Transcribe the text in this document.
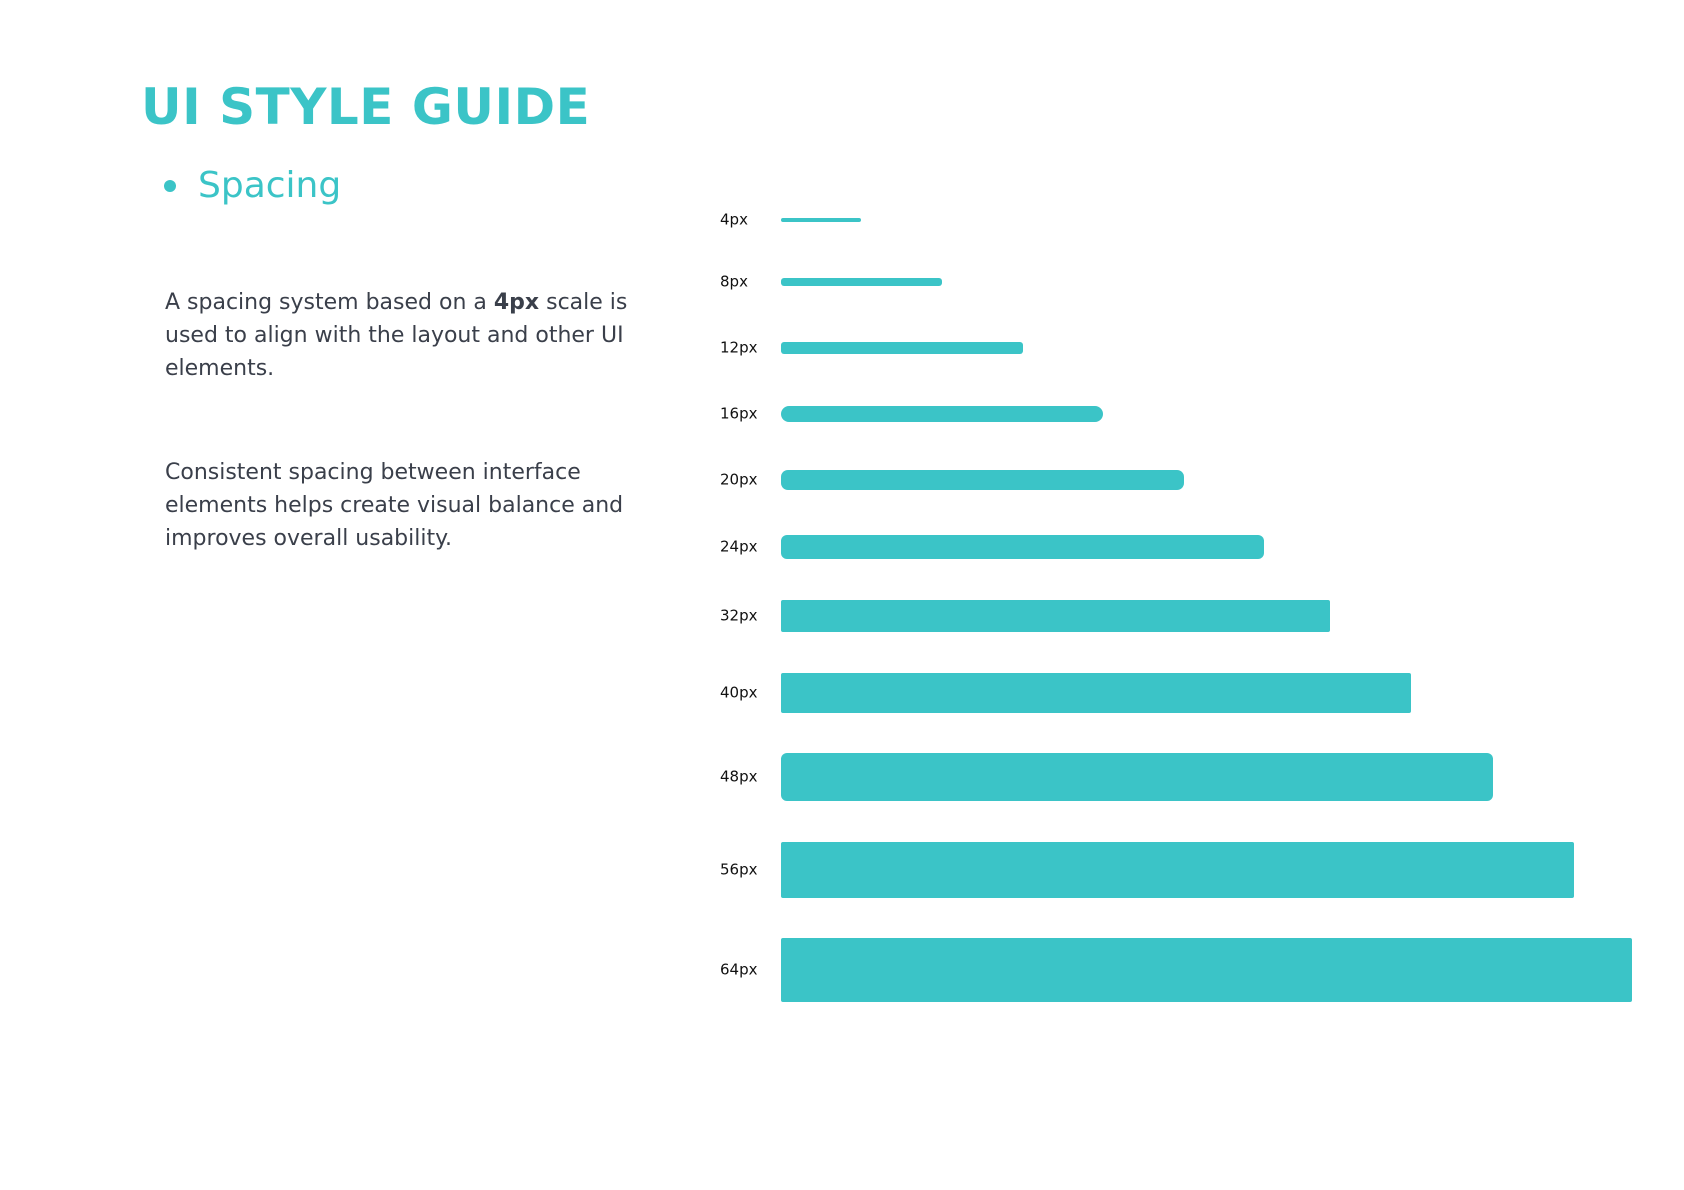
UI STYLE GUIDE
Spacing

A spacing system based on a 4px scale is used to align with the layout and other UI elements.

Consistent spacing between interface elements helps create visual balance and improves overall usability.

4px
8px
12px
16px
20px
24px
32px
40px
48px
56px
64px
